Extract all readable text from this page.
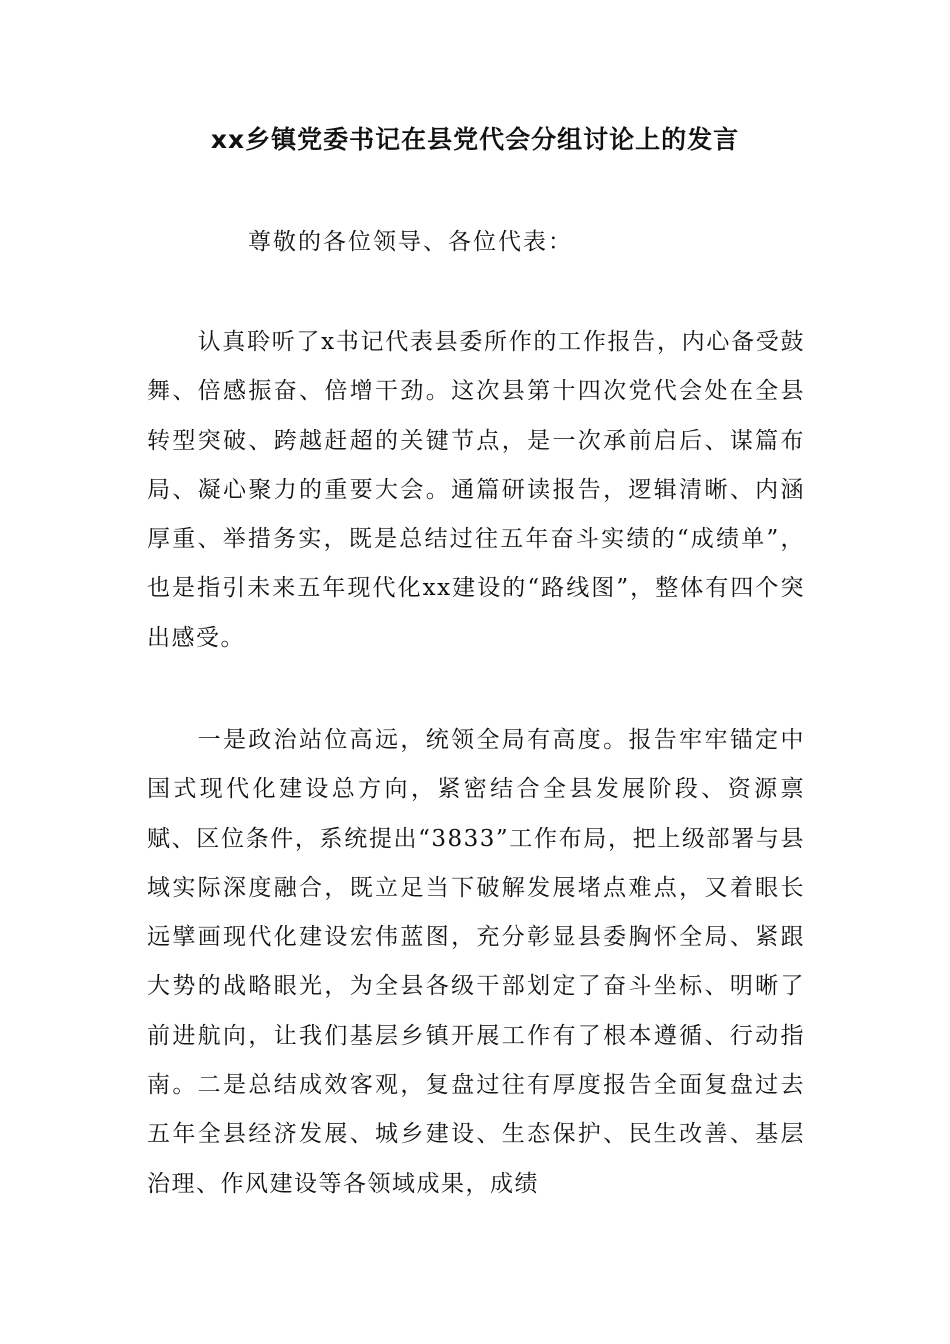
xx乡镇党委书记在县党代会分组讨论上的发言

尊敬的各位领导、各位代表：

认真聆听了x书记代表县委所作的工作报告，内心备受鼓舞、倍感振奋、倍增干劲。这次县第十四次党代会处在全县转型突破、跨越赶超的关键节点，是一次承前启后、谋篇布局、凝心聚力的重要大会。通篇研读报告，逻辑清晰、内涵厚重、举措务实，既是总结过往五年奋斗实绩的“成绩单”，也是指引未来五年现代化xx建设的“路线图”，整体有四个突出感受。

一是政治站位高远，统领全局有高度。报告牢牢锚定中国式现代化建设总方向，紧密结合全县发展阶段、资源禀赋、区位条件，系统提出“3833”工作布局，把上级部署与县域实际深度融合，既立足当下破解发展堵点难点，又着眼长远擘画现代化建设宏伟蓝图，充分彰显县委胸怀全局、紧跟大势的战略眼光，为全县各级干部划定了奋斗坐标、明晰了前进航向，让我们基层乡镇开展工作有了根本遵循、行动指南。二是总结成效客观，复盘过往有厚度报告全面复盘过去五年全县经济发展、城乡建设、生态保护、民生改善、基层治理、作风建设等各领域成果，成绩
